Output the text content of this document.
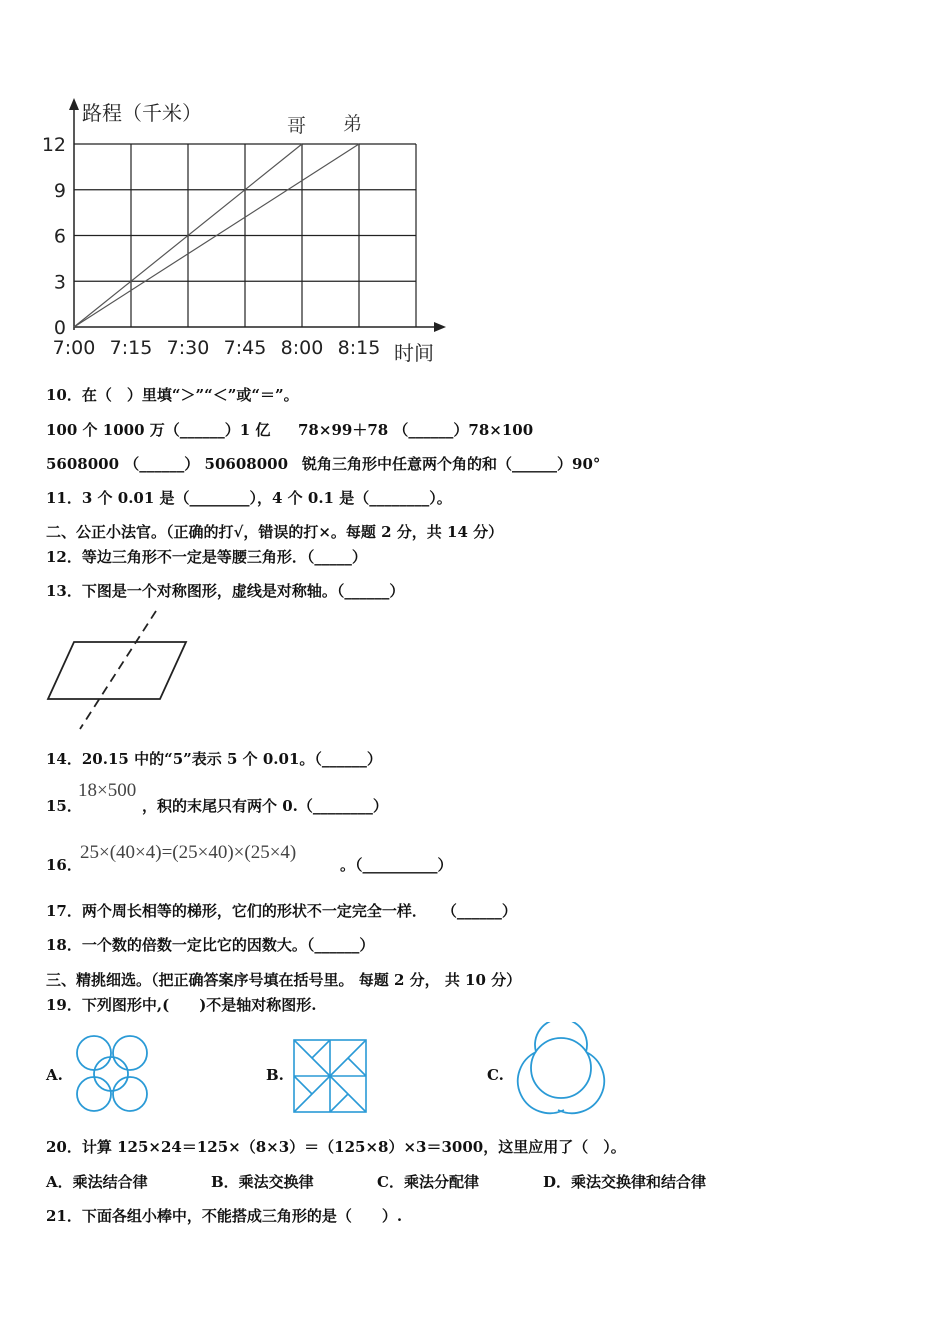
路程（千米）
时间
哥 弟
7:00 7:15 7:30 7:45 8:00 8:15
0
3
6
9
12
10．在（　）里填“＞”“＜”或“＝”。
100 个 1000 万（______）1 亿 78×99＋78 （______）78×100
5608000 （______） 50608000 锐角三角形中任意两个角的和（______）90°
11．3 个 0.01 是（________），4 个 0.1 是（________）。
二、公正小法官。（正确的打√，错误的打×。每题 2 分，共 14 分）
12．等边三角形不一定是等腰三角形．（_____）
13．下图是一个对称图形，虚线是对称轴。（______）
14．20.15 中的“5”表示 5 个 0.01。（______）
15．
18×500
，积的末尾只有两个 0.（________）
16．
25×(40×4)=(25×40)×(25×4)
。（__________）
17．两个周长相等的梯形，它们的形状不一定完全一样．　　（______）
18．一个数的倍数一定比它的因数大。（______）
三、精挑细选。（把正确答案序号填在括号里。 每题 2 分， 共 10 分）
19．下列图形中,(　　)不是轴对称图形.
A.	B.	C.
20．计算 125×24＝125×（8×3）＝（125×8）×3＝3000，这里应用了（　）。
A．乘法结合律	B．乘法交换律	C．乘法分配律	D．乘法交换律和结合律
21．下面各组小棒中，不能搭成三角形的是（　　）.
